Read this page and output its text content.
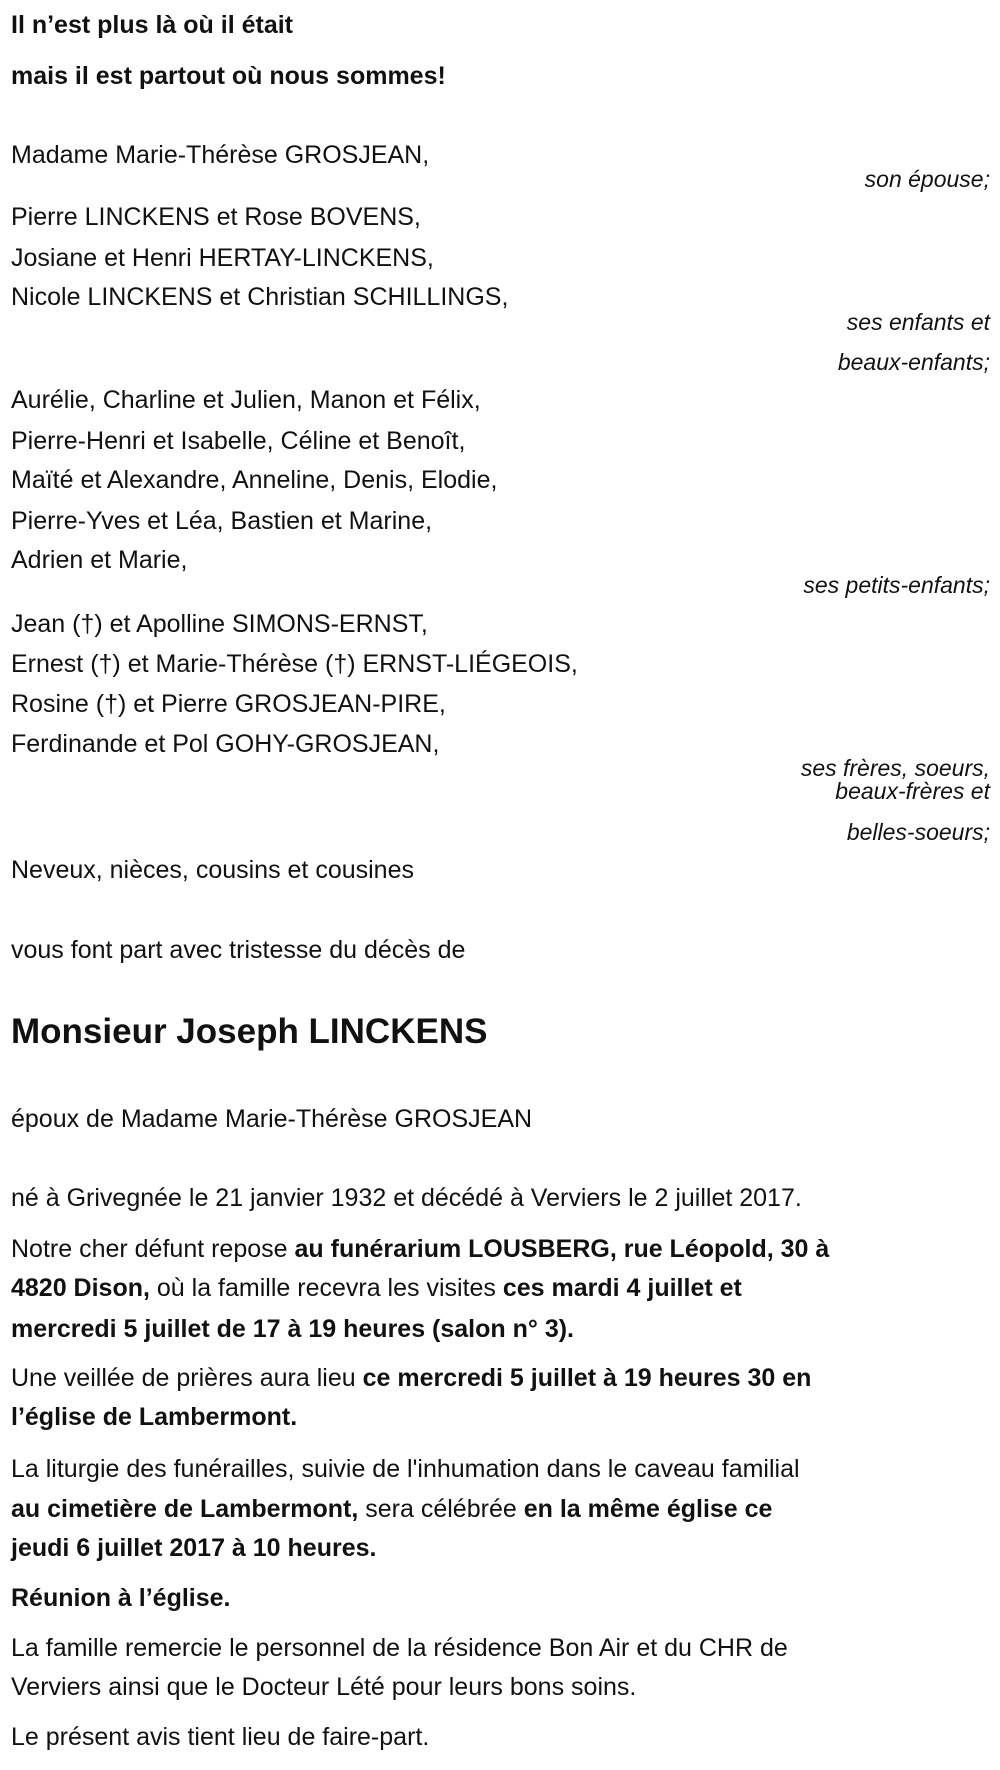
Il n’est plus là où il était
mais il est partout où nous sommes!
Madame Marie-Thérèse GROSJEAN,
son épouse;
Pierre LINCKENS et Rose BOVENS,
Josiane et Henri HERTAY-LINCKENS,
Nicole LINCKENS et Christian SCHILLINGS,
ses enfants et
beaux-enfants;
Aurélie, Charline et Julien, Manon et Félix,
Pierre-Henri et Isabelle, Céline et Benoît,
Maïté et Alexandre, Anneline, Denis, Elodie,
Pierre-Yves et Léa, Bastien et Marine,
Adrien et Marie,
ses petits-enfants;
Jean (†) et Apolline SIMONS-ERNST,
Ernest (†) et Marie-Thérèse (†) ERNST-LIÉGEOIS,
Rosine (†) et Pierre GROSJEAN-PIRE,
Ferdinande et Pol GOHY-GROSJEAN,
ses frères, soeurs,
beaux-frères et
belles-soeurs;
Neveux, nièces, cousins et cousines
vous font part avec tristesse du décès de
Monsieur Joseph LINCKENS
époux de Madame Marie-Thérèse GROSJEAN
né à Grivegnée le 21 janvier 1932 et décédé à Verviers le 2 juillet 2017.
Notre cher défunt repose au funérarium LOUSBERG, rue Léopold, 30 à
4820 Dison, où la famille recevra les visites ces mardi 4 juillet et
mercredi 5 juillet de 17 à 19 heures (salon n° 3).
Une veillée de prières aura lieu ce mercredi 5 juillet à 19 heures 30 en
l’église de Lambermont.
La liturgie des funérailles, suivie de l'inhumation dans le caveau familial
au cimetière de Lambermont, sera célébrée en la même église ce
jeudi 6 juillet 2017 à 10 heures.
Réunion à l’église.
La famille remercie le personnel de la résidence Bon Air et du CHR de
Verviers ainsi que le Docteur Lété pour leurs bons soins.
Le présent avis tient lieu de faire-part.
